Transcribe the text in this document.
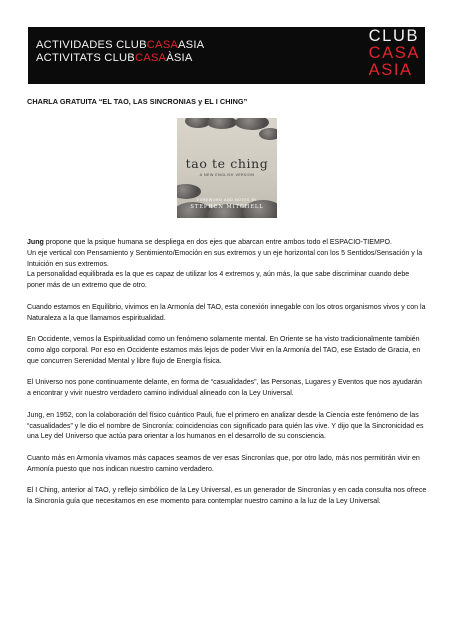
ACTIVIDADES CLUBCASAASIA
ACTIVITATS CLUBCASAÀSIA
CLUB
CASA
ASIA
CHARLA GRATUITA “EL TAO, LAS SINCRONIAS y EL I CHING”
tao te ching
A NEW ENGLISH VERSION
FOREWORD AND NOTES BY
STEPHEN MITCHELL

Jung propone que la psique humana se despliega en dos ejes que abarcan entre ambos todo el ESPACIO-TIEMPO.
Un eje vertical con Pensamiento y Sentimiento/Emoción en sus extremos y un eje horizontal con los 5 Sentidos/Sensación y la Intuición en sus extremos.
La personalidad equilibrada es la que es capaz de utilizar los 4 extremos y, aún más, la que sabe discriminar cuando debe poner más de un extremo que de otro.

Cuando estamos en Equilibrio, vivimos en la Armonía del TAO, esta conexión innegable con los otros organismos vivos y con la Naturaleza a la que llamamos espiritualidad.

En Occidente, vemos la Espiritualidad como un fenómeno solamente mental. En Oriente se ha visto tradicionalmente también como algo corporal. Por eso en Occidente estamos más lejos de poder Vivir en la Armonía del TAO, ese Estado de Gracia, en que concurren Serenidad Mental y libre flujo de Energía física.

El Universo nos pone continuamente delante, en forma de “casualidades”, las Personas, Lugares y Eventos que nos ayudarán a encontrar y vivir nuestro verdadero camino individual alineado con la Ley Universal.

Jung, en 1952, con la colaboración del físico cuántico Pauli, fue el primero en analizar desde la Ciencia este fenómeno de las “casualidades” y le dio el nombre de Sincronía: coincidencias con significado para quién las vive. Y dijo que la Sincronicidad es una Ley del Universo que actúa para orientar a los humanos en el desarrollo de su consciencia.

Cuanto más en Armonía vivamos más capaces seamos de ver esas Sincronías que, por otro lado, más nos permitirán vivir en Armonía puesto que nos indican nuestro camino verdadero.

El I Ching, anterior al TAO, y reflejo simbólico de la Ley Universal, es un generador de Sincronías y en cada consulta nos ofrece la Sincronía guía que necesitamos en ese momento para contemplar nuestro camino a la luz de la Ley Universal.
